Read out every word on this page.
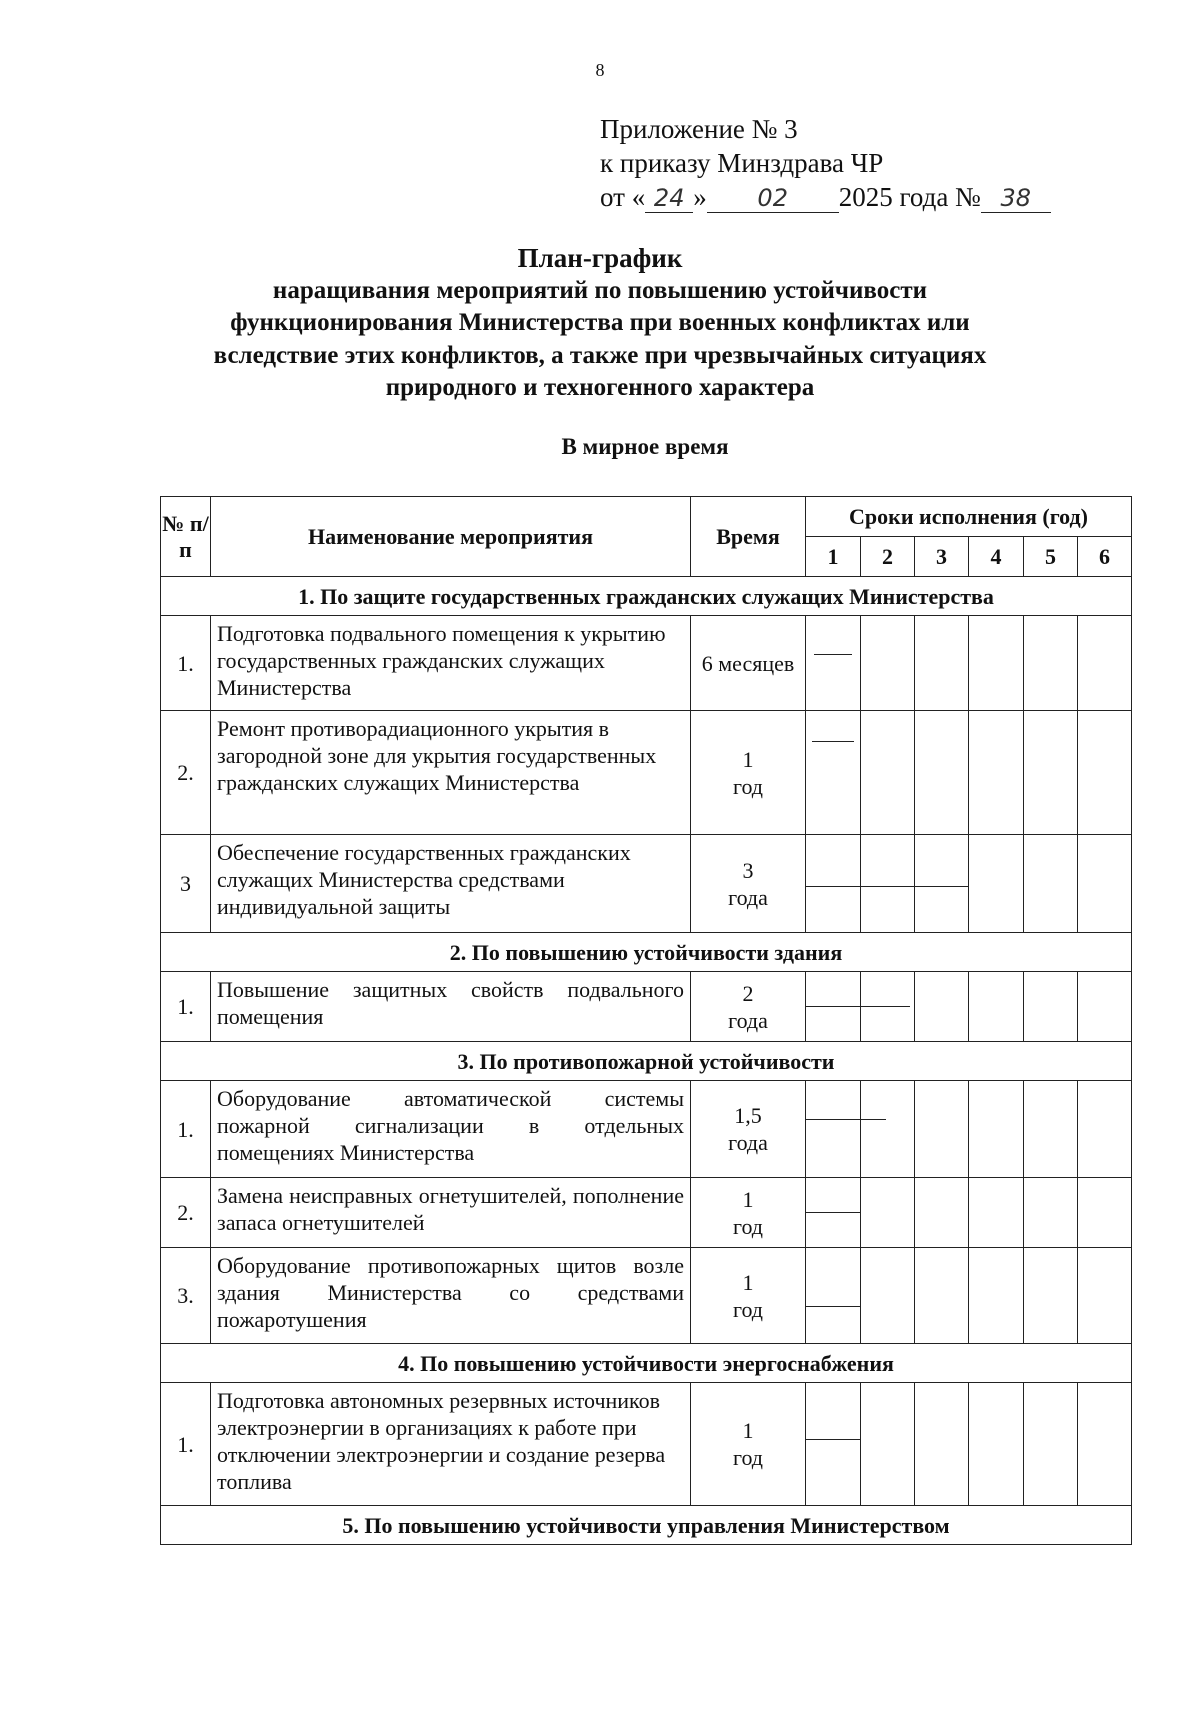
8
Приложение № 3
к приказу Минздрава ЧР
от « 24 » 02 2025 года № 38
План-график
наращивания мероприятий по повышению устойчивости
функционирования Министерства при военных конфликтах или
вследствие этих конфликтов, а также при чрезвычайных ситуациях
природного и техногенного характера
В мирное время
№ п/п	Наименование мероприятия	Время	Сроки исполнения (год)					
			1	2	3	4	5	6
1. По защите государственных гражданских служащих Министерства								
1.	Подготовка подвального помещения к укрытию государственных гражданских служащих Министерства	6 месяцев	

2.	Ремонт противорадиационного укрытия в загородной зоне для укрытия государственных гражданских служащих Министерства	1
год						

3	Обеспечение государственных гражданских служащих Министерства средствами индивидуальной защиты	3
года						

2. По повышению устойчивости здания								
1.	Повышение защитных свойств подвального помещения	2
года						

3. По противопожарной устойчивости								
1.	Оборудование автоматической системы пожарной сигнализации в отдельных помещениях Министерства	1,5
года						

2.	Замена неисправных огнетушителей, пополнение запаса огнетушителей	1
год						

3.	Оборудование противопожарных щитов возле здания Министерства со средствами пожаротушения	1
год						

4. По повышению устойчивости энергоснабжения								
1.	Подготовка автономных резервных источников электроэнергии в организациях к работе при отключении электроэнергии и создание резерва топлива	1
год						

5. По повышению устойчивости управления Министерством								
